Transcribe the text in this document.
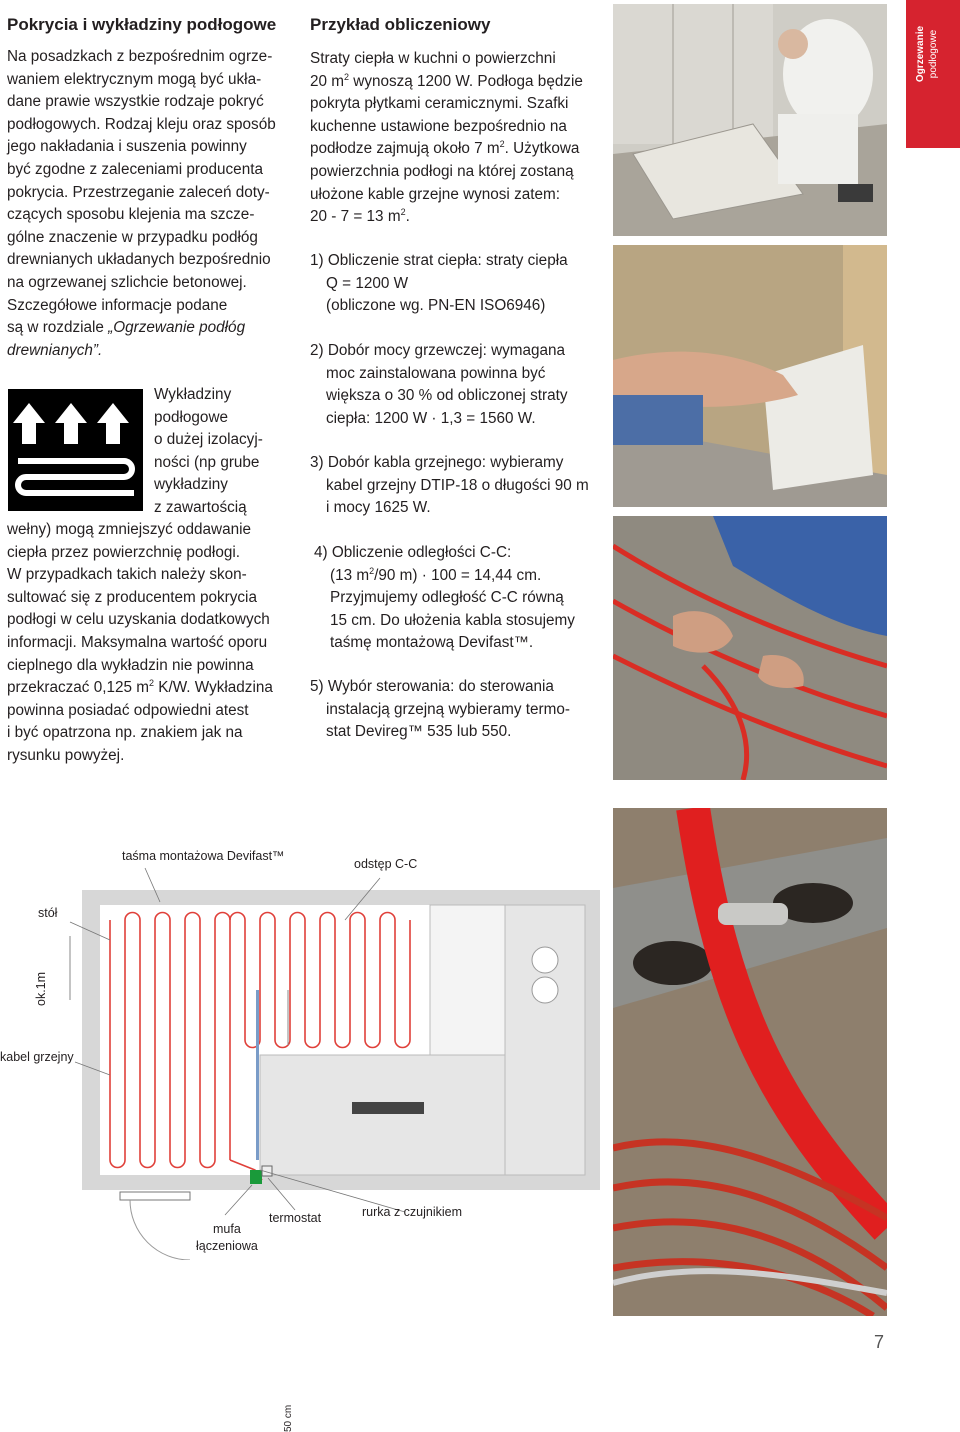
Pokrycia i wykładziny podłogowe
Na posadzkach z bezpośrednim ogrze-
waniem elektrycznym mogą być ukła-
dane prawie wszystkie rodzaje pokryć
podłogowych. Rodzaj kleju oraz sposób
jego nakładania i suszenia powinny
być zgodne z zaleceniami producenta
pokrycia. Przestrzeganie zaleceń doty-
czących sposobu klejenia ma szcze-
gólne znaczenie w przypadku podłóg
drewnianych układanych bezpośrednio
na ogrzewanej szlichcie betonowej.
Szczegółowe informacje podane
są w rozdziale „Ogrzewanie podłóg
drewnianych”.
Wykładziny
podłogowe
o dużej izolacyj-
ności (np grube
wykładziny
z zawartością
wełny) mogą zmniejszyć oddawanie
ciepła przez powierzchnię podłogi.
W przypadkach takich należy skon-
sultować się z producentem pokrycia
podłogi w celu uzyskania dodatkowych
informacji. Maksymalna wartość oporu
cieplnego dla wykładzin nie powinna
przekraczać 0,125 $m^2$ K/W. Wykładzina
powinna posiadać odpowiedni atest
i być opatrzona np. znakiem jak na
rysunku powyżej.
Przykład obliczeniowy
Straty ciepła w kuchni o powierzchni
20 $m^2$ wynoszą 1200 W. Podłoga będzie
pokryta płytkami ceramicznymi. Szafki
kuchenne ustawione bezpośrednio na
podłodze zajmują około 7 $m^2$. Użytkowa
powierzchnia podłogi na której zostaną
ułożone kable grzejne wynosi zatem:
20 - 7 = 13 $m^2$.
1) Obliczenie strat ciepła: straty ciepła
Q = 1200 W
(obliczone wg. PN-EN ISO6946)
2) Dobór mocy grzewczej: wymagana
moc zainstalowana powinna być
większa o 30 % od obliczonej straty
ciepła: 1200 W · 1,3 = 1560 W.
3) Dobór kabla grzejnego: wybieramy
kabel grzejny DTIP-18 o długości 90 m
i mocy 1625 W.
4) Obliczenie odległości C-C:
(13 $m^2/90$ m) · 100 = 14,44 cm.
Przyjmujemy odległość C-C równą
15 cm. Do ułożenia kabla stosujemy
taśmę montażową Devifast™.
5) Wybór sterowania: do sterowania
instalacją grzejną wybieramy termo-
stat Devireg™ 535 lub 550.
Ogrzewanie podłogowe

taśma montażowa Devifast™

odstęp C-C

stół

ok.1m

kabel grzejny

50 cm

mufa

łączeniowa

termostat	rurka z czujnikiem

7
